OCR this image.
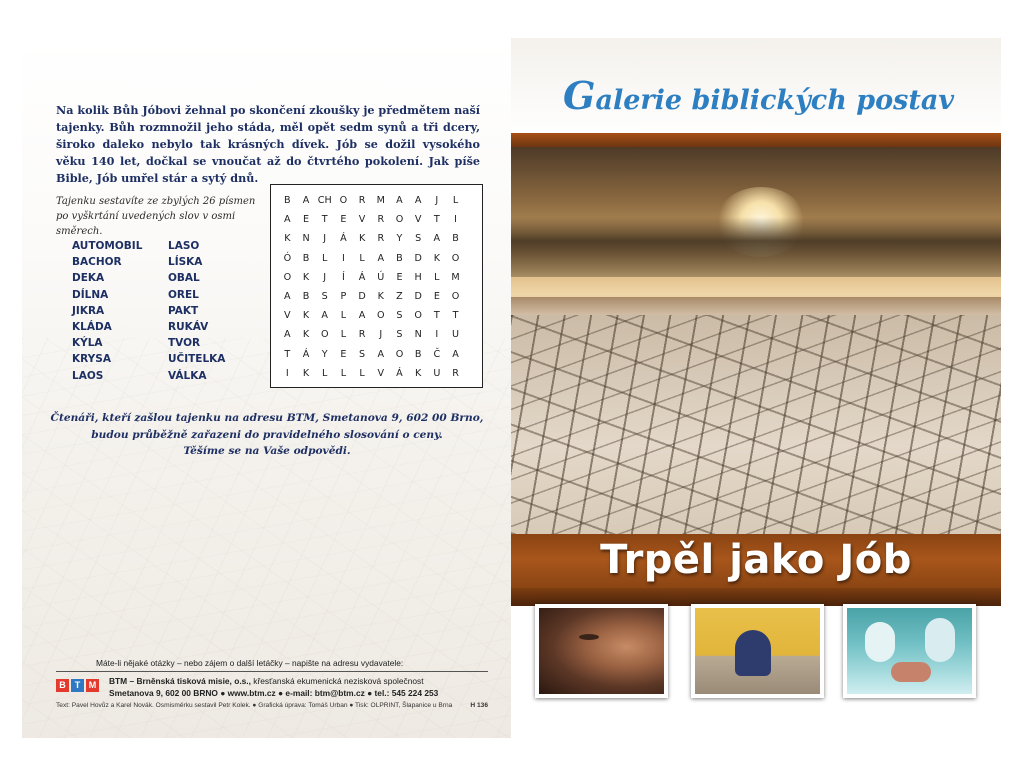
Na kolik Bůh Jóbovi žehnal po skončení zkoušky je předmětem naší tajenky. Bůh rozmnožil jeho stáda, měl opět sedm synů a tři dcery, široko daleko nebylo tak krásných dívek. Jób se dožil vysokého věku 140 let, dočkal se vnoučat až do čtvrtého pokolení. Jak píše Bible, Jób umřel stár a sytý dnů.
Tajenku sestavíte ze zbylých 26 písmen po vyškrtání uvedených slov v osmi směrech.
AUTOMOBIL	LASO
BACHOR	LÍSKA
DEKA	OBAL
DÍLNA	OREL
JIKRA	PAKT
KLÁDA	RUKÁV
KÝLA	TVOR
KRYSA	UČITELKA
LAOS	VÁLKA
B	A	CH	O	R	M	A	A	J	L
A	E	T	E	V	R	O	V	T	I
K	N	J	Á	K	R	Y	S	A	B
Ó	B	L	I	L	A	B	D	K	O
O	K	J	Í	Á	Ú	E	H	L	M
A	B	S	P	D	K	Z	D	E	O
V	K	A	L	A	O	S	O	T	T
A	K	O	L	R	J	S	N	I	U
T	Á	Y	E	S	A	O	B	Č	A
I	K	L	L	L	V	Á	K	U	R
Čtenáři, kteří zašlou tajenku na adresu BTM, Smetanova 9, 602 00 Brno,
budou průběžně zařazeni do pravidelného slosování o ceny.
Těšíme se na Vaše odpovědi.
Máte-li nějaké otázky – nebo zájem o další letáčky – napište na adresu vydavatele:
B	T M	BTM – Brněnská tisková misie, o.s., křesťanská ekumenická nezisková společnost
Smetanova 9, 602 00 BRNO ● www.btm.cz ● e-mail: btm@btm.cz ● tel.: 545 224 253
Text: Pavel Hovůz a Karel Novák. Osmisměrku sestavil Petr Kolek. ● Grafická úprava: Tomáš Urban ● Tisk: OLPRINT, Šlapanice u Brna	H 136
Galerie biblických postav
Trpěl jako Jób
